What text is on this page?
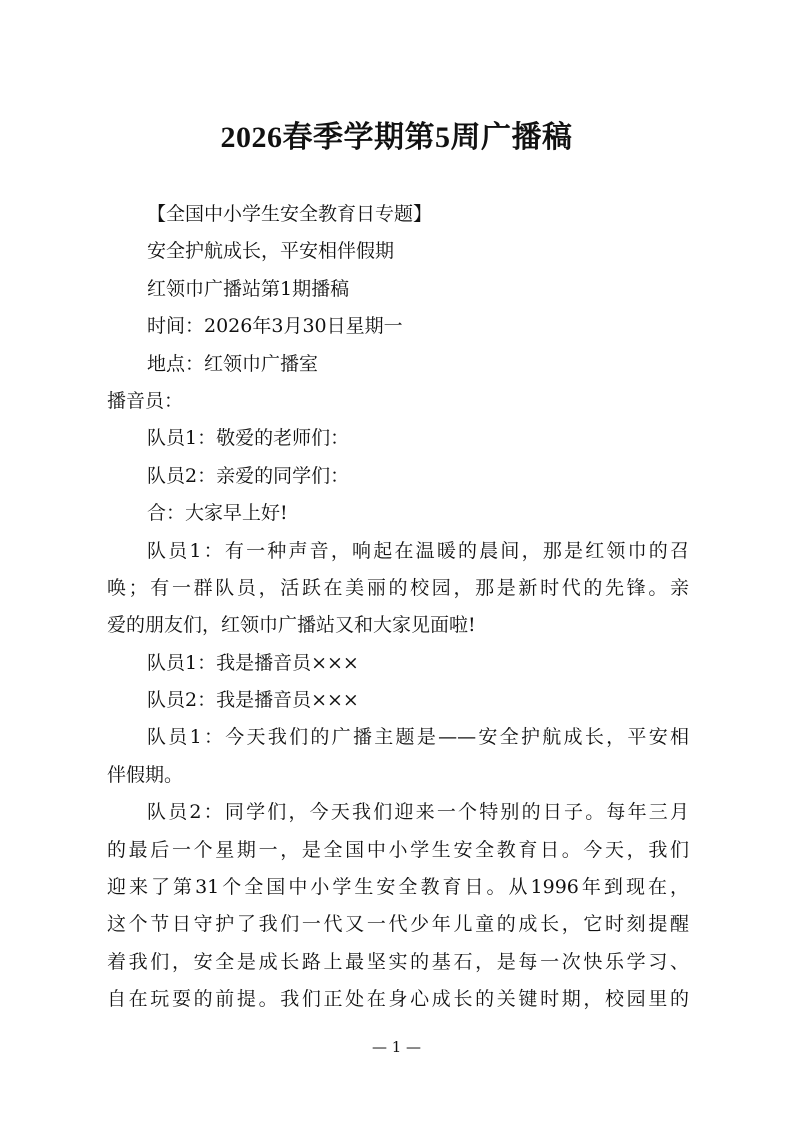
2026春季学期第5周广播稿
【全国中小学生安全教育日专题】
安全护航成长，平安相伴假期
红领巾广播站第1期播稿
时间：2026年3月30日星期一
地点：红领巾广播室
播音员：
队员1：敬爱的老师们：
队员2：亲爱的同学们：
合：大家早上好!
队员1：有一种声音，响起在温暖的晨间，那是红领巾的召
唤；有一群队员，活跃在美丽的校园，那是新时代的先锋。亲
爱的朋友们，红领巾广播站又和大家见面啦!
队员1：我是播音员×××
队员2：我是播音员×××
队员1：今天我们的广播主题是——安全护航成长，平安相
伴假期。
队员2：同学们，今天我们迎来一个特别的日子。每年三月
的最后一个星期一，是全国中小学生安全教育日。今天，我们
迎来了第31个全国中小学生安全教育日。从1996年到现在，
这个节日守护了我们一代又一代少年儿童的成长，它时刻提醒
着我们，安全是成长路上最坚实的基石，是每一次快乐学习、
自在玩耍的前提。我们正处在身心成长的关键时期，校园里的
— 1 —
